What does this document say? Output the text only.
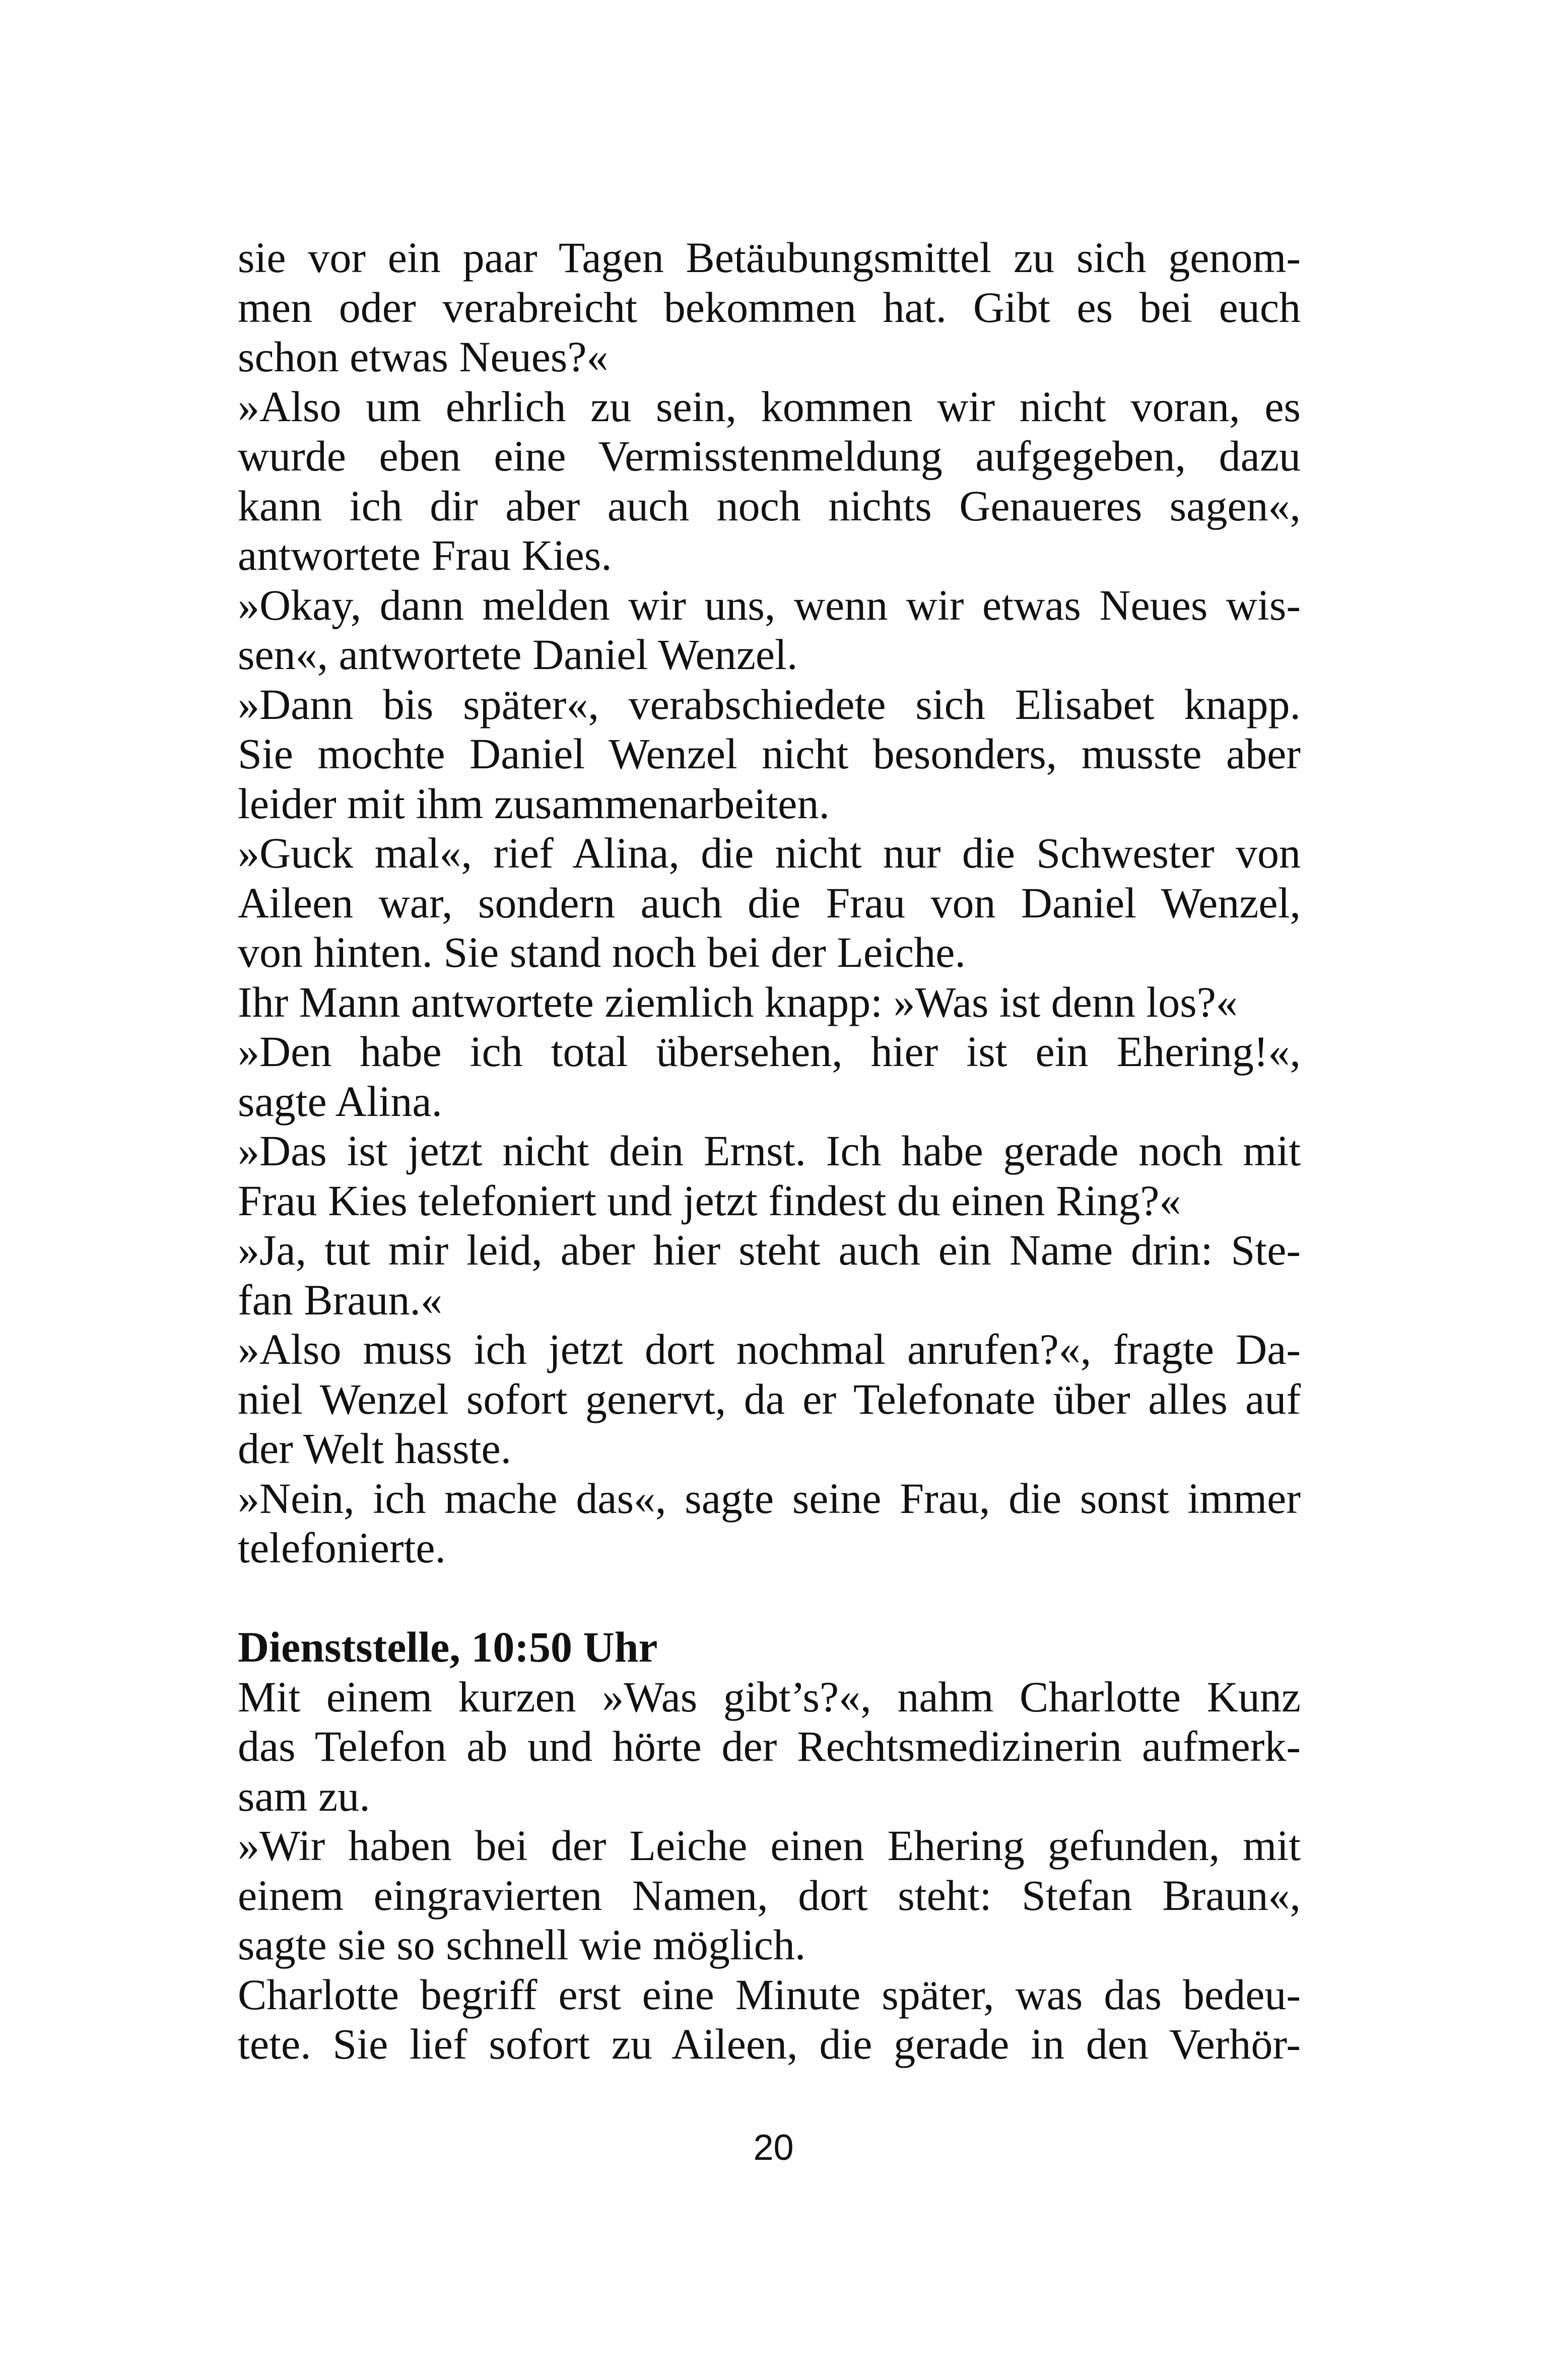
sie vor ein paar Tagen Betäubungsmittel zu sich genom-
men oder verabreicht bekommen hat. Gibt es bei euch
schon etwas Neues?«
»Also um ehrlich zu sein, kommen wir nicht voran, es
wurde eben eine Vermisstenmeldung aufgegeben, dazu
kann ich dir aber auch noch nichts Genaueres sagen«,
antwortete Frau Kies.
»Okay, dann melden wir uns, wenn wir etwas Neues wis-
sen«, antwortete Daniel Wenzel.
»Dann bis später«, verabschiedete sich Elisabet knapp.
Sie mochte Daniel Wenzel nicht besonders, musste aber
leider mit ihm zusammenarbeiten.
»Guck mal«, rief Alina, die nicht nur die Schwester von
Aileen war, sondern auch die Frau von Daniel Wenzel,
von hinten. Sie stand noch bei der Leiche.
Ihr Mann antwortete ziemlich knapp: »Was ist denn los?«
»Den habe ich total übersehen, hier ist ein Ehering!«,
sagte Alina.
»Das ist jetzt nicht dein Ernst. Ich habe gerade noch mit
Frau Kies telefoniert und jetzt findest du einen Ring?«
»Ja, tut mir leid, aber hier steht auch ein Name drin: Ste-
fan Braun.«
»Also muss ich jetzt dort nochmal anrufen?«, fragte Da-
niel Wenzel sofort genervt, da er Telefonate über alles auf
der Welt hasste.
»Nein, ich mache das«, sagte seine Frau, die sonst immer
telefonierte.
Dienststelle, 10:50 Uhr
Mit einem kurzen »Was gibt’s?«, nahm Charlotte Kunz
das Telefon ab und hörte der Rechtsmedizinerin aufmerk-
sam zu.
»Wir haben bei der Leiche einen Ehering gefunden, mit
einem eingravierten Namen, dort steht: Stefan Braun«,
sagte sie so schnell wie möglich.
Charlotte begriff erst eine Minute später, was das bedeu-
tete. Sie lief sofort zu Aileen, die gerade in den Verhör-
20
